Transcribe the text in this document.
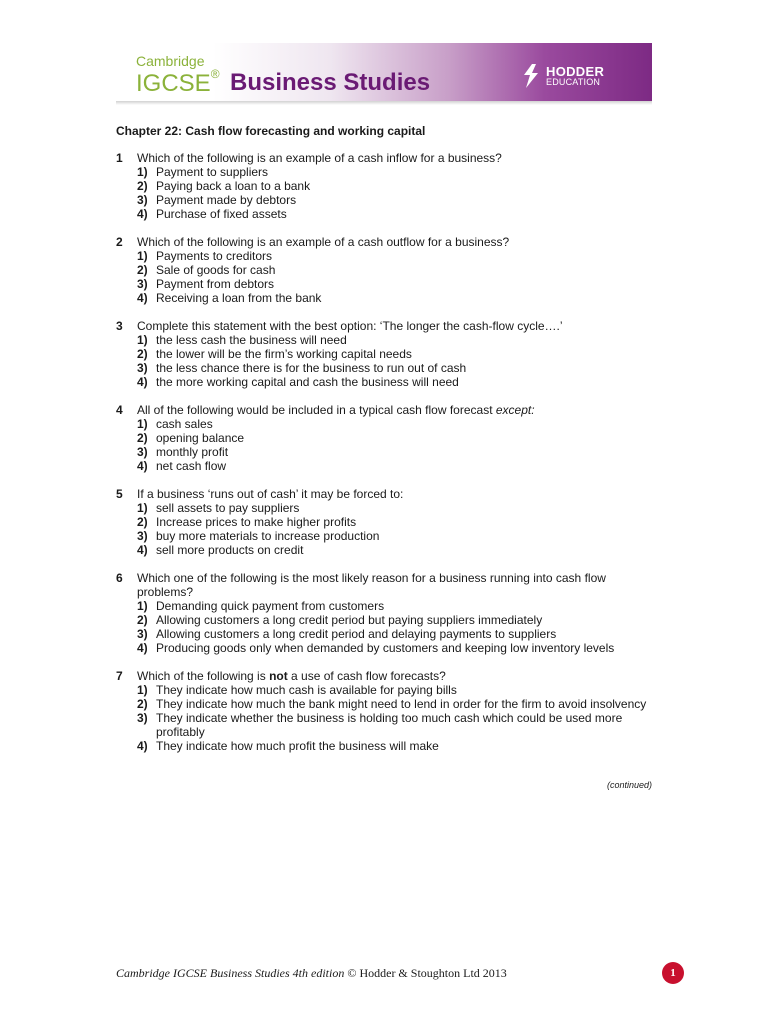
Cambridge
IGCSE® Business Studies	HODDER
EDUCATION
Chapter 22: Cash flow forecasting and working capital
1 Which of the following is an example of a cash inflow for a business?
1) Payment to suppliers
2) Paying back a loan to a bank
3) Payment made by debtors
4) Purchase of fixed assets
2 Which of the following is an example of a cash outflow for a business?
1) Payments to creditors
2) Sale of goods for cash
3) Payment from debtors
4) Receiving a loan from the bank
3 Complete this statement with the best option: ‘The longer the cash-flow cycle….’
1) the less cash the business will need
2) the lower will be the firm’s working capital needs
3) the less chance there is for the business to run out of cash
4) the more working capital and cash the business will need
4 All of the following would be included in a typical cash flow forecast except:
1) cash sales
2) opening balance
3) monthly profit
4) net cash flow
5 If a business ‘runs out of cash’ it may be forced to:
1) sell assets to pay suppliers
2) Increase prices to make higher profits
3) buy more materials to increase production
4) sell more products on credit
6 Which one of the following is the most likely reason for a business running into cash flow problems?
1) Demanding quick payment from customers
2) Allowing customers a long credit period but paying suppliers immediately
3) Allowing customers a long credit period and delaying payments to suppliers
4) Producing goods only when demanded by customers and keeping low inventory levels
7 Which of the following is not a use of cash flow forecasts?
1) They indicate how much cash is available for paying bills
2) They indicate how much the bank might need to lend in order for the firm to avoid insolvency
3) They indicate whether the business is holding too much cash which could be used more profitably
4) They indicate how much profit the business will make
(continued)
Cambridge IGCSE Business Studies 4th edition © Hodder & Stoughton Ltd 2013	1
